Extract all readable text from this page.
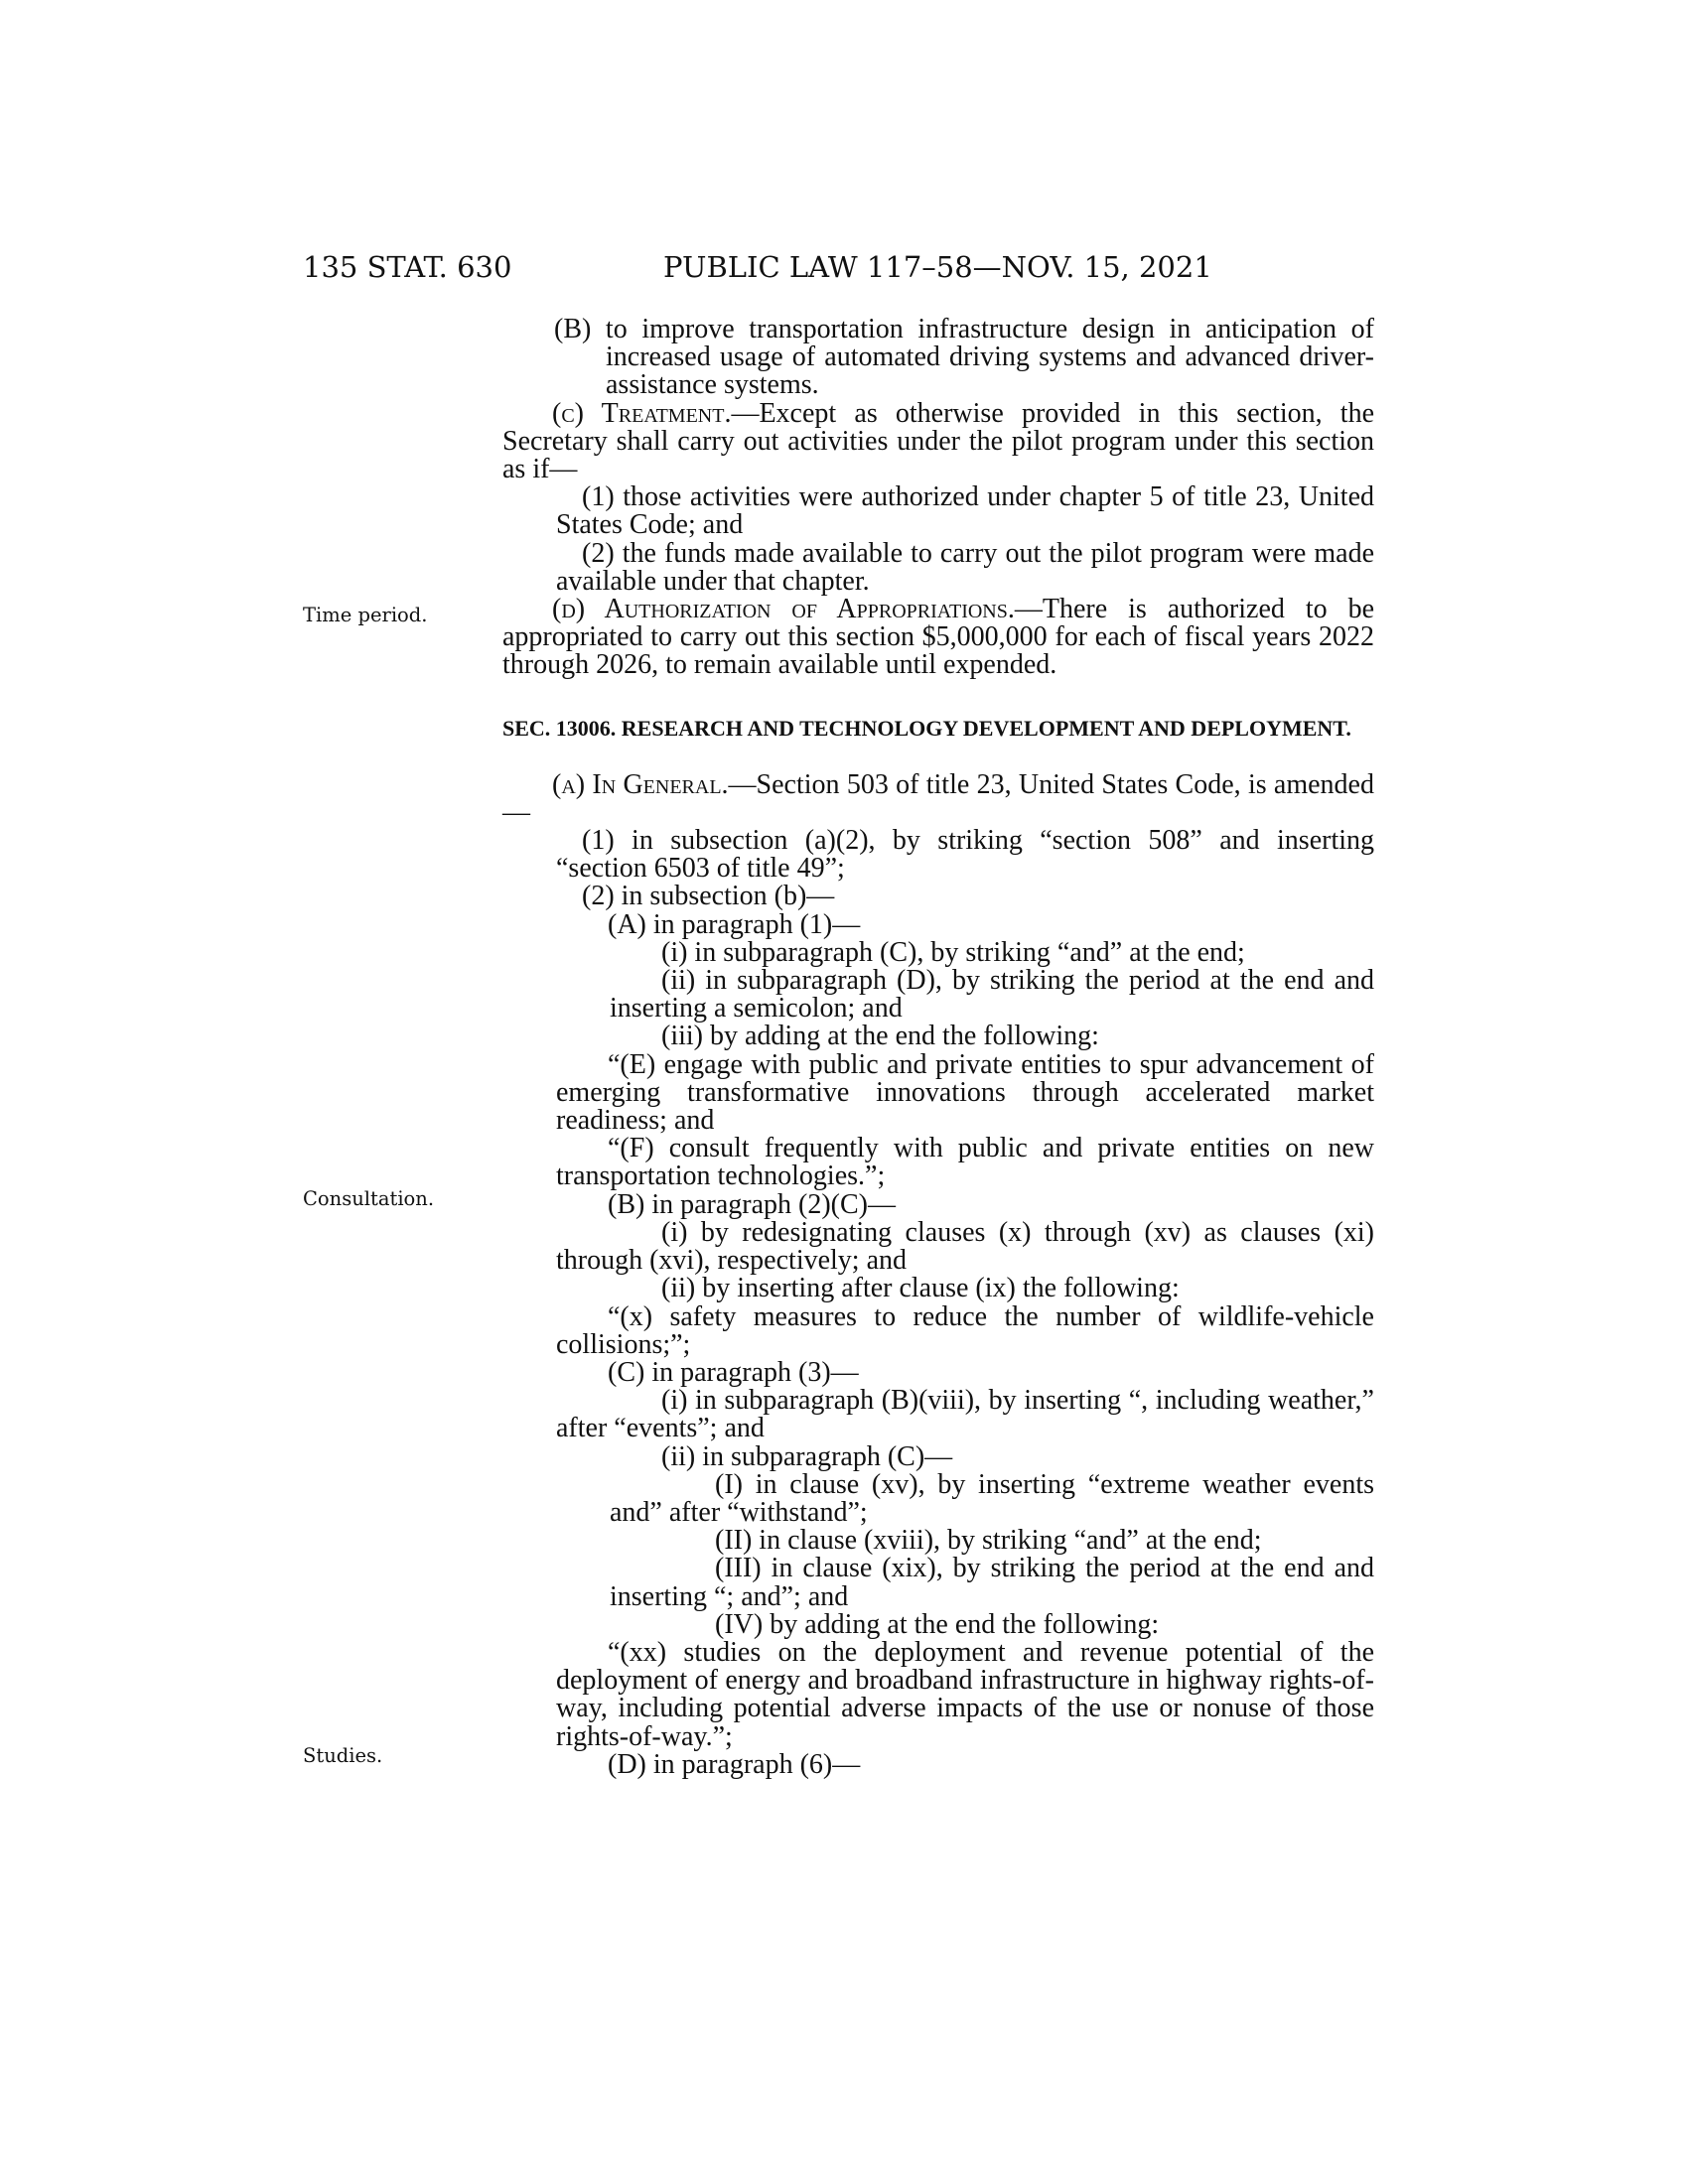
135 STAT. 630	PUBLIC LAW 117–58—NOV. 15, 2021
Time period.
Consultation.
Studies.

(B) to improve transportation infrastructure design in anticipation of increased usage of automated driving systems and advanced driver-assistance systems.

(c) Treatment.—Except as otherwise provided in this section, the Secretary shall carry out activities under the pilot program under this section as if—

(1) those activities were authorized under chapter 5 of title 23, United States Code; and

(2) the funds made available to carry out the pilot program were made available under that chapter.

(d) Authorization of Appropriations.—There is authorized to be appropriated to carry out this section $5,000,000 for each of fiscal years 2022 through 2026, to remain available until expended.

SEC. 13006. RESEARCH AND TECHNOLOGY DEVELOPMENT AND DEPLOYMENT.

(a) In General.—Section 503 of title 23, United States Code, is amended—

(1) in subsection (a)(2), by striking “section 508” and inserting “section 6503 of title 49”;

(2) in subsection (b)—

(A) in paragraph (1)—

(i) in subparagraph (C), by striking “and” at the end;

(ii) in subparagraph (D), by striking the period at the end and inserting a semicolon; and

(iii) by adding at the end the following:

“(E) engage with public and private entities to spur advancement of emerging transformative innovations through accelerated market readiness; and

“(F) consult frequently with public and private entities on new transportation technologies.”;

(B) in paragraph (2)(C)—

(i) by redesignating clauses (x) through (xv) as clauses (xi) through (xvi), respectively; and

(ii) by inserting after clause (ix) the following:

“(x) safety measures to reduce the number of wildlife-vehicle collisions;”;

(C) in paragraph (3)—

(i) in subparagraph (B)(viii), by inserting “, including weather,” after “events”; and

(ii) in subparagraph (C)—

(I) in clause (xv), by inserting “extreme weather events and” after “withstand”;

(II) in clause (xviii), by striking “and” at the end;

(III) in clause (xix), by striking the period at the end and inserting “; and”; and

(IV) by adding at the end the following:

“(xx) studies on the deployment and revenue potential of the deployment of energy and broadband infrastructure in highway rights-of-way, including potential adverse impacts of the use or nonuse of those rights-of-way.”;

(D) in paragraph (6)—
